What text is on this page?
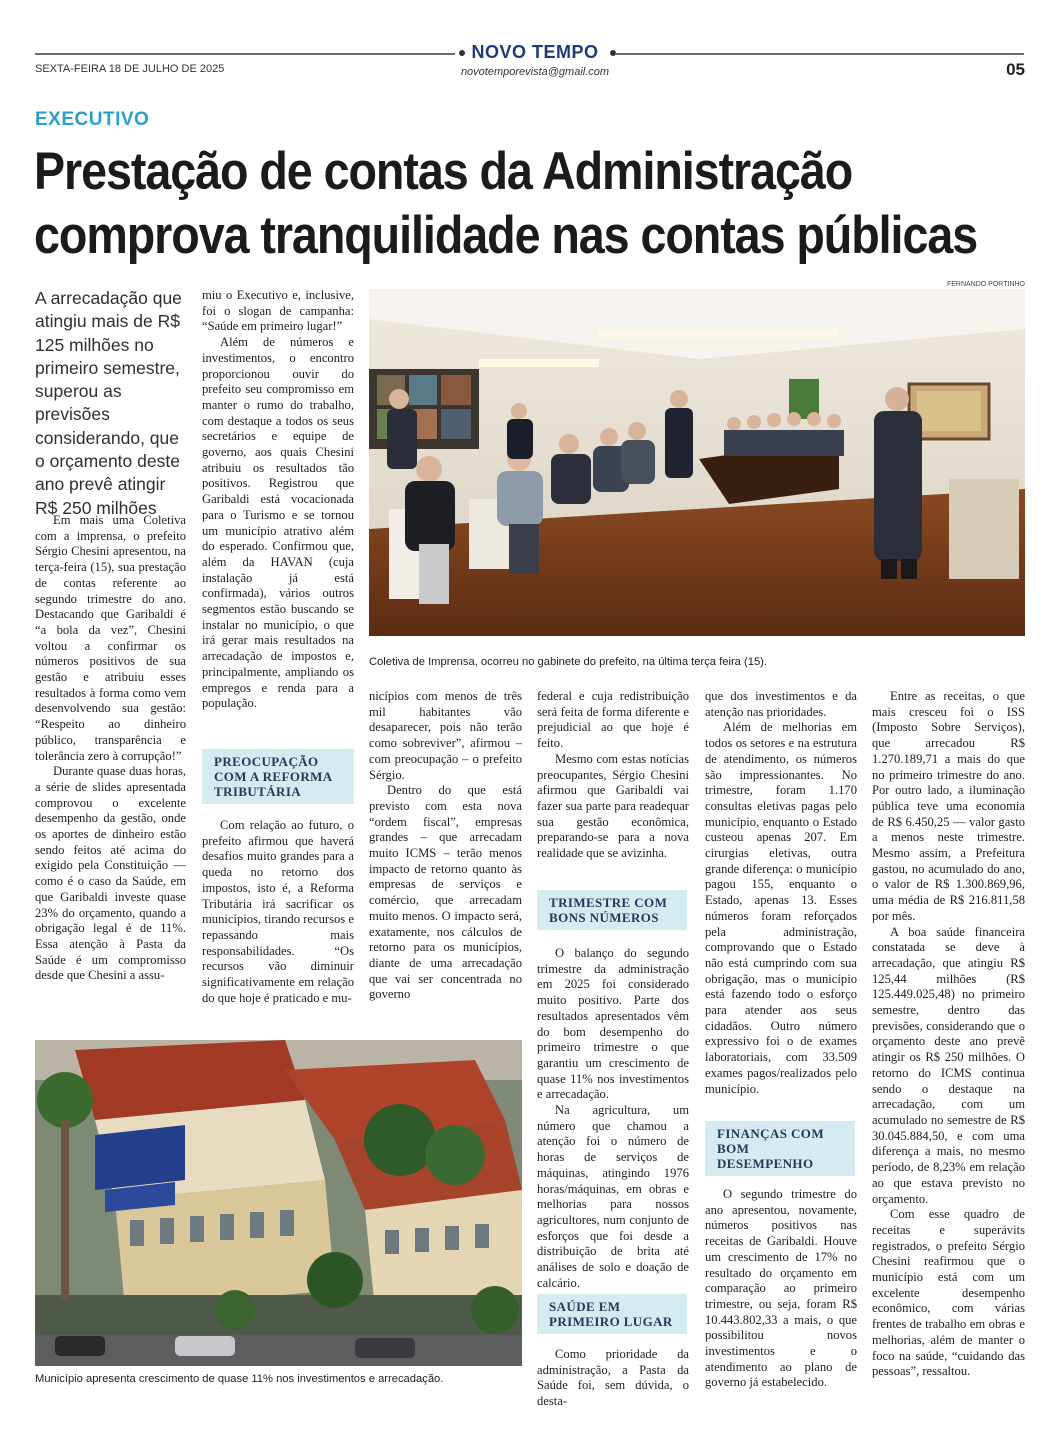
NOVO TEMPO
SEXTA-FEIRA 18 DE JULHO DE 2025	novotemporevista@gmail.com	05
EXECUTIVO
Prestação de contas da Administração
comprova tranquilidade nas contas públicas
A arrecadação que atingiu mais de R$ 125 milhões no primeiro semestre, superou as previsões considerando, que o orçamento deste ano prevê atingir R$ 250 milhões

Em mais uma Coletiva com a imprensa, o prefeito Sérgio Chesini apresentou, na terça-feira (15), sua prestação de contas referente ao segundo trimestre do ano. Destacando que Garibaldi é “a bola da vez”, Chesini voltou a confirmar os números positivos de sua gestão e atribuiu esses resultados à forma como vem desenvolvendo sua gestão: “Respeito ao dinheiro público, transparência e tolerância zero à corrupção!”

Durante quase duas horas, a série de slides apresentada comprovou o excelente desempenho da gestão, onde os aportes de dinheiro estão sendo feitos até acima do exigido pela Constituição — como é o caso da Saúde, em que Garibaldi investe quase 23% do orçamento, quando a obrigação legal é de 11%. Essa atenção à Pasta da Saúde é um compromisso desde que Chesini a assu-

miu o Executivo e, inclusive, foi o slogan de campanha: “Saúde em primeiro lugar!”

Além de números e investimentos, o encontro proporcionou ouvir do prefeito seu compromisso em manter o rumo do trabalho, com destaque a todos os seus secretários e equipe de governo, aos quais Chesini atribuiu os resultados tão positivos. Registrou que Garibaldi está vocacionada para o Turismo e se tornou um município atrativo além do esperado. Confirmou que, além da HAVAN (cuja instalação já está confirmada), vários outros segmentos estão buscando se instalar no município, o que irá gerar mais resultados na arrecadação de impostos e, principalmente, ampliando os empregos e renda para a população.

PREOCUPAÇÃO COM A REFORMA TRIBUTÁRIA

Com relação ao futuro, o prefeito afirmou que haverá desafios muito grandes para a queda no retorno dos impostos, isto é, a Reforma Tributária irá sacrificar os municípios, tirando recursos e repassando mais responsabilidades. “Os recursos vão diminuir significativamente em relação do que hoje é praticado e mu-

FERNANDO PORTINHO
Coletiva de Imprensa, ocorreu no gabinete do prefeito, na última terça feira (15).

nicípios com menos de três mil habitantes vão desaparecer, pois não terão como sobreviver”, afirmou – com preocupação – o prefeito Sérgio.

Dentro do que está previsto com esta nova “ordem fiscal”, empresas grandes – que arrecadam muito ICMS – terão menos impacto de retorno quanto às empresas de serviços e comércio, que arrecadam muito menos. O impacto será, exatamente, nos cálculos de retorno para os municípios, diante de uma arrecadação que vai ser concentrada no governo

federal e cuja redistribuição será feita de forma diferente e prejudicial ao que hoje é feito.

Mesmo com estas notícias preocupantes, Sérgio Chesini afirmou que Garibaldi vai fazer sua parte para readequar sua gestão econômica, preparando-se para a nova realidade que se avizinha.

TRIMESTRE COM BONS NÚMEROS

O balanço do segundo trimestre da administração em 2025 foi considerado muito positivo. Parte dos resultados apresentados vêm do bom desempenho do primeiro trimestre o que garantiu um crescimento de quase 11% nos investimentos e arrecadação.

Na agricultura, um número que chamou a atenção foi o número de horas de serviços de máquinas, atingindo 1976 horas/máquinas, em obras e melhorias para nossos agricultores, num conjunto de esforços que foi desde a distribuição de brita até análises de solo e doação de calcário.

SAÚDE EM PRIMEIRO LUGAR

Como prioridade da administração, a Pasta da Saúde foi, sem dúvida, o desta-

que dos investimentos e da atenção nas prioridades.

Além de melhorias em todos os setores e na estrutura de atendimento, os números são impressionantes. No trimestre, foram 1.170 consultas eletivas pagas pelo município, enquanto o Estado custeou apenas 207. Em cirurgias eletivas, outra grande diferença: o município pagou 155, enquanto o Estado, apenas 13. Esses números foram reforçados pela administração, comprovando que o Estado não está cumprindo com sua obrigação, mas o município está fazendo todo o esforço para atender aos seus cidadãos. Outro número expressivo foi o de exames laboratoriais, com 33.509 exames pagos/realizados pelo município.

FINANÇAS COM BOM DESEMPENHO

O segundo trimestre do ano apresentou, novamente, números positivos nas receitas de Garibaldi. Houve um crescimento de 17% no resultado do orçamento em comparação ao primeiro trimestre, ou seja, foram R$ 10.443.802,33 a mais, o que possibilitou novos investimentos e o atendimento ao plano de governo já estabelecido.

Entre as receitas, o que mais cresceu foi o ISS (Imposto Sobre Serviços), que arrecadou R$ 1.270.189,71 a mais do que no primeiro trimestre do ano. Por outro lado, a iluminação pública teve uma economia de R$ 6.450,25 — valor gasto a menos neste trimestre. Mesmo assim, a Prefeitura gastou, no acumulado do ano, o valor de R$ 1.300.869,96, uma média de R$ 216.811,58 por mês.

A boa saúde financeira constatada se deve à arrecadação, que atingiu R$ 125,44 milhões (R$ 125.449.025,48) no primeiro semestre, dentro das previsões, considerando que o orçamento deste ano prevê atingir os R$ 250 milhões. O retorno do ICMS continua sendo o destaque na arrecadação, com um acumulado no semestre de R$ 30.045.884,50, e com uma diferença a mais, no mesmo período, de 8,23% em relação ao que estava previsto no orçamento.

Com esse quadro de receitas e superávits registrados, o prefeito Sérgio Chesini reafirmou que o município está com um excelente desempenho econômico, com várias frentes de trabalho em obras e melhorias, além de manter o foco na saúde, “cuidando das pessoas”, ressaltou.

Município apresenta crescimento de quase 11% nos investimentos e arrecadação.
